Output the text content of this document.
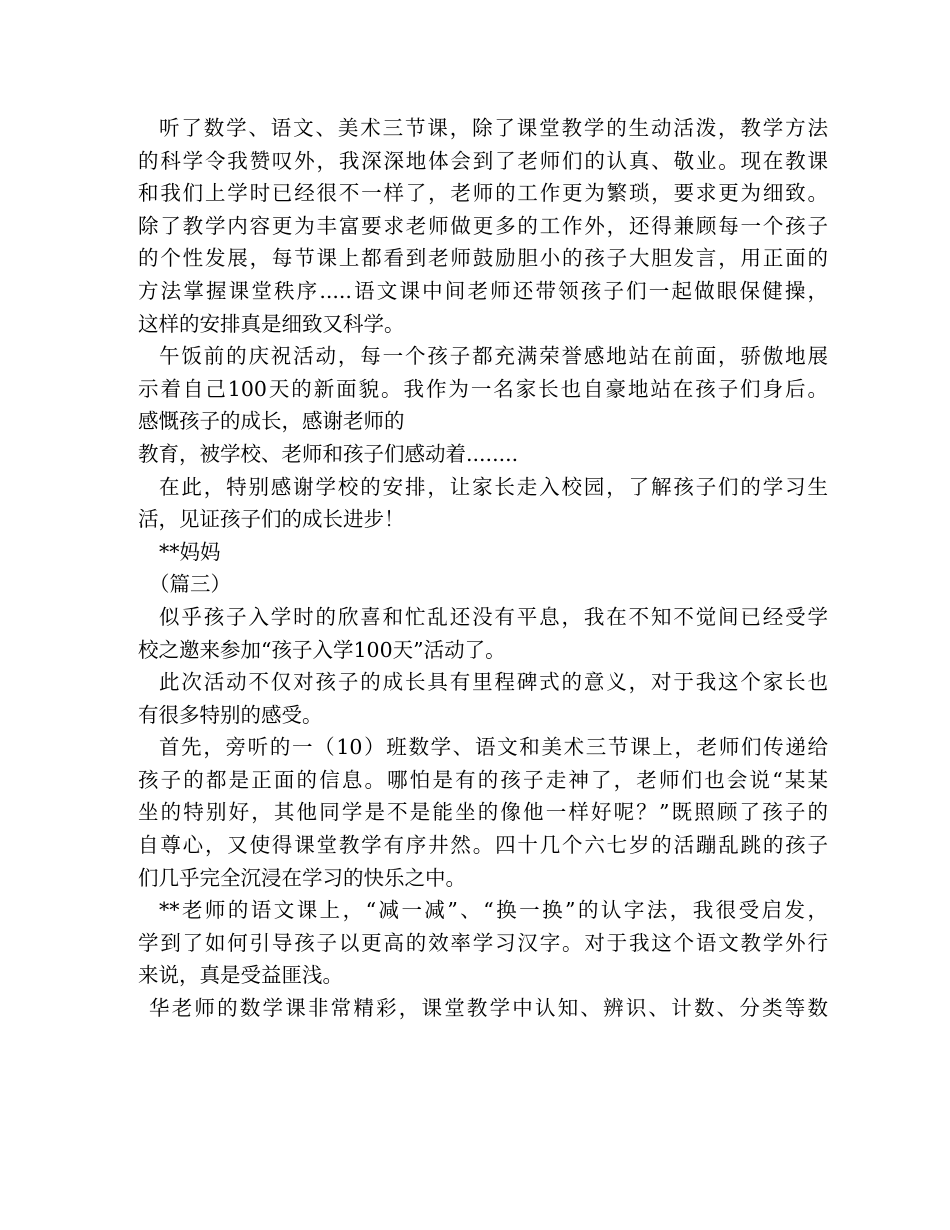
听了数学、语文、美术三节课，除了课堂教学的生动活泼，教学方法
的科学令我赞叹外，我深深地体会到了老师们的认真、敬业。现在教课
和我们上学时已经很不一样了，老师的工作更为繁琐，要求更为细致。
除了教学内容更为丰富要求老师做更多的工作外，还得兼顾每一个孩子
的个性发展，每节课上都看到老师鼓励胆小的孩子大胆发言，用正面的
方法掌握课堂秩序.....语文课中间老师还带领孩子们一起做眼保健操，
这样的安排真是细致又科学。
午饭前的庆祝活动，每一个孩子都充满荣誉感地站在前面，骄傲地展
示着自己100天的新面貌。我作为一名家长也自豪地站在孩子们身后。
感慨孩子的成长，感谢老师的
教育，被学校、老师和孩子们感动着........
在此，特别感谢学校的安排，让家长走入校园，了解孩子们的学习生
活，见证孩子们的成长进步！
**妈妈
（篇三）
似乎孩子入学时的欣喜和忙乱还没有平息，我在不知不觉间已经受学
校之邀来参加“孩子入学100天”活动了。
此次活动不仅对孩子的成长具有里程碑式的意义，对于我这个家长也
有很多特别的感受。
首先，旁听的一（10）班数学、语文和美术三节课上，老师们传递给
孩子的都是正面的信息。哪怕是有的孩子走神了，老师们也会说“某某
坐的特别好，其他同学是不是能坐的像他一样好呢？”既照顾了孩子的
自尊心，又使得课堂教学有序井然。四十几个六七岁的活蹦乱跳的孩子
们几乎完全沉浸在学习的快乐之中。
**老师的语文课上，“减一减”、“换一换”的认字法，我很受启发，
学到了如何引导孩子以更高的效率学习汉字。对于我这个语文教学外行
来说，真是受益匪浅。
华老师的数学课非常精彩，课堂教学中认知、辨识、计数、分类等数
